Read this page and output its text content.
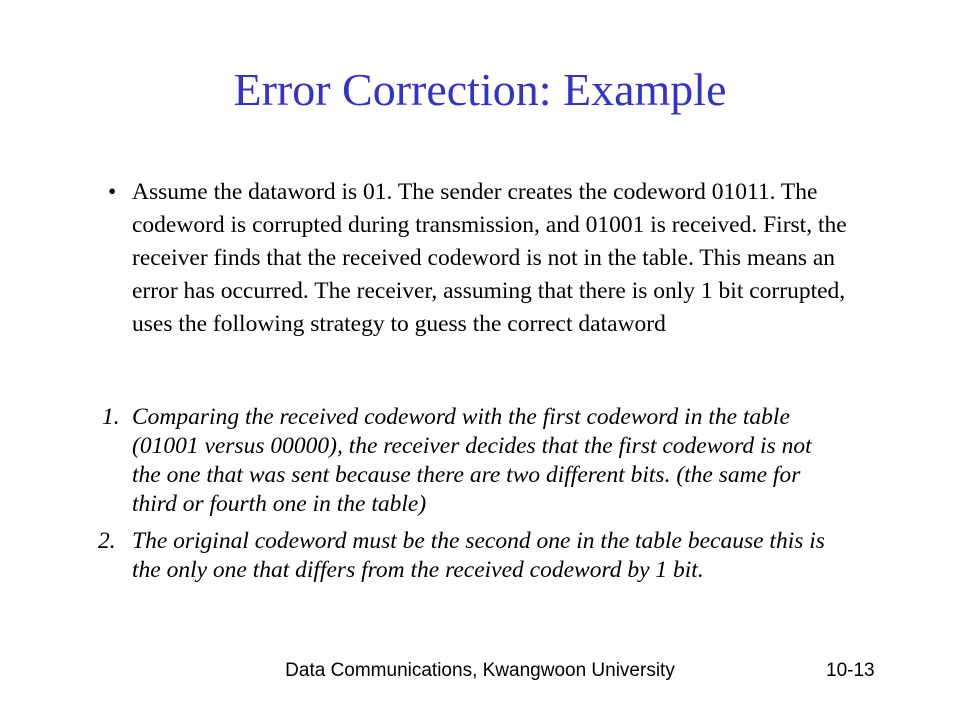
Error Correction: Example
• Assume the dataword is 01. The sender creates the codeword 01011. The codeword is corrupted during transmission, and 01001 is received. First, the receiver finds that the received codeword is not in the table. This means an error has occurred. The receiver, assuming that there is only 1 bit corrupted, uses the following strategy to guess the correct dataword
1. Comparing the received codeword with the first codeword in the table (01001 versus 00000), the receiver decides that the first codeword is not the one that was sent because there are two different bits. (the same for third or fourth one in the table)
2. The original codeword must be the second one in the table because this is the only one that differs from the received codeword by 1 bit.
Data Communications, Kwangwoon University	10-13
